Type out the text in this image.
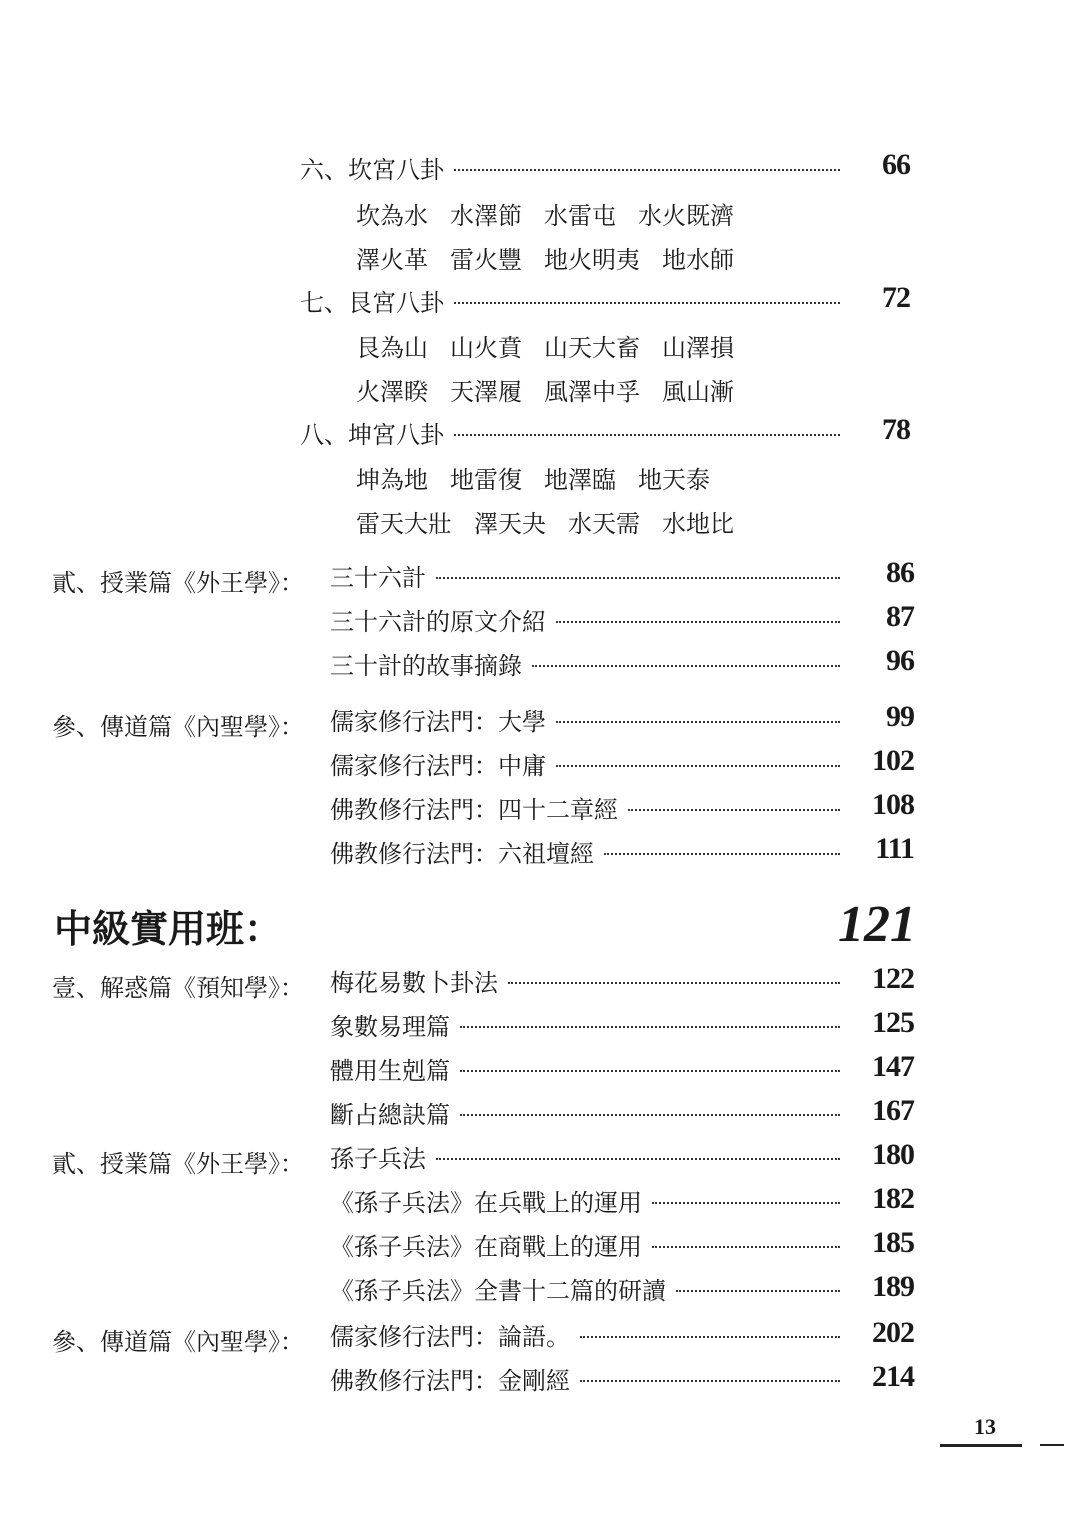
六、坎宮八卦	66
坎為水 水澤節 水雷屯 水火既濟
澤火革 雷火豐 地火明夷 地水師
七、艮宮八卦	72
艮為山 山火賁 山天大畜 山澤損
火澤睽 天澤履 風澤中孚 風山漸
八、坤宮八卦	78
坤為地 地雷復 地澤臨 地天泰
雷天大壯 澤天夬 水天需 水地比
貳、授業篇《外王學》： 三十六計	86
三十六計的原文介紹	87
三十計的故事摘錄	96
參、傳道篇《內聖學》： 儒家修行法門：大學	99
儒家修行法門：中庸	102
佛教修行法門：四十二章經	108
佛教修行法門：六祖壇經	111
中級實用班：	121
壹、解惑篇《預知學》： 梅花易數卜卦法	122
象數易理篇	125
體用生剋篇	147
斷占總訣篇	167
貳、授業篇《外王學》： 孫子兵法	180
《孫子兵法》在兵戰上的運用	182
《孫子兵法》在商戰上的運用	185
《孫子兵法》全書十二篇的研讀	189
參、傳道篇《內聖學》： 儒家修行法門：論語。	202
佛教修行法門：金剛經	214
13
